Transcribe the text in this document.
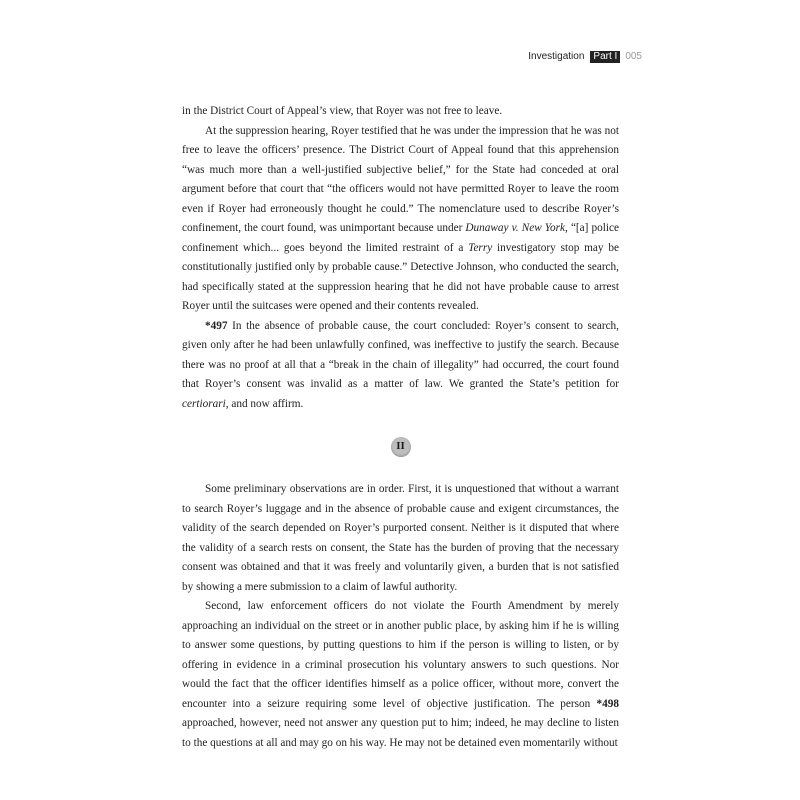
Investigation Part I 005

in the District Court of Appeal’s view, that Royer was not free to leave.

At the suppression hearing, Royer testified that he was under the impression that he was not free to leave the officers’ presence. The District Court of Appeal found that this apprehension “was much more than a well-justified subjective belief,” for the State had conceded at oral argument before that court that “the officers would not have permitted Royer to leave the room even if Royer had erroneously thought he could.” The nomenclature used to describe Royer’s confinement, the court found, was unimportant because under Dunaway v. New York, “[a] police confinement which... goes beyond the limited restraint of a Terry investigatory stop may be constitutionally justified only by probable cause.” Detective Johnson, who conducted the search, had specifically stated at the suppression hearing that he did not have probable cause to arrest Royer until the suitcases were opened and their contents revealed.

*497 In the absence of probable cause, the court concluded: Royer’s consent to search, given only after he had been unlawfully confined, was ineffective to justify the search. Because there was no proof at all that a “break in the chain of illegality” had occurred, the court found that Royer’s consent was invalid as a matter of law. We granted the State’s petition for certiorari, and now affirm.

II

Some preliminary observations are in order. First, it is unquestioned that without a warrant to search Royer’s luggage and in the absence of probable cause and exigent circumstances, the validity of the search depended on Royer’s purported consent. Neither is it disputed that where the validity of a search rests on consent, the State has the burden of proving that the necessary consent was obtained and that it was freely and voluntarily given, a burden that is not satisfied by showing a mere submission to a claim of lawful authority.

Second, law enforcement officers do not violate the Fourth Amendment by merely approaching an individual on the street or in another public place, by asking him if he is willing to answer some questions, by putting questions to him if the person is willing to listen, or by offering in evidence in a criminal prosecution his voluntary answers to such questions. Nor would the fact that the officer identifies himself as a police officer, without more, convert the encounter into a seizure requiring some level of objective justification. The person *498 approached, however, need not answer any question put to him; indeed, he may decline to listen to the questions at all and may go on his way. He may not be detained even momentarily without
